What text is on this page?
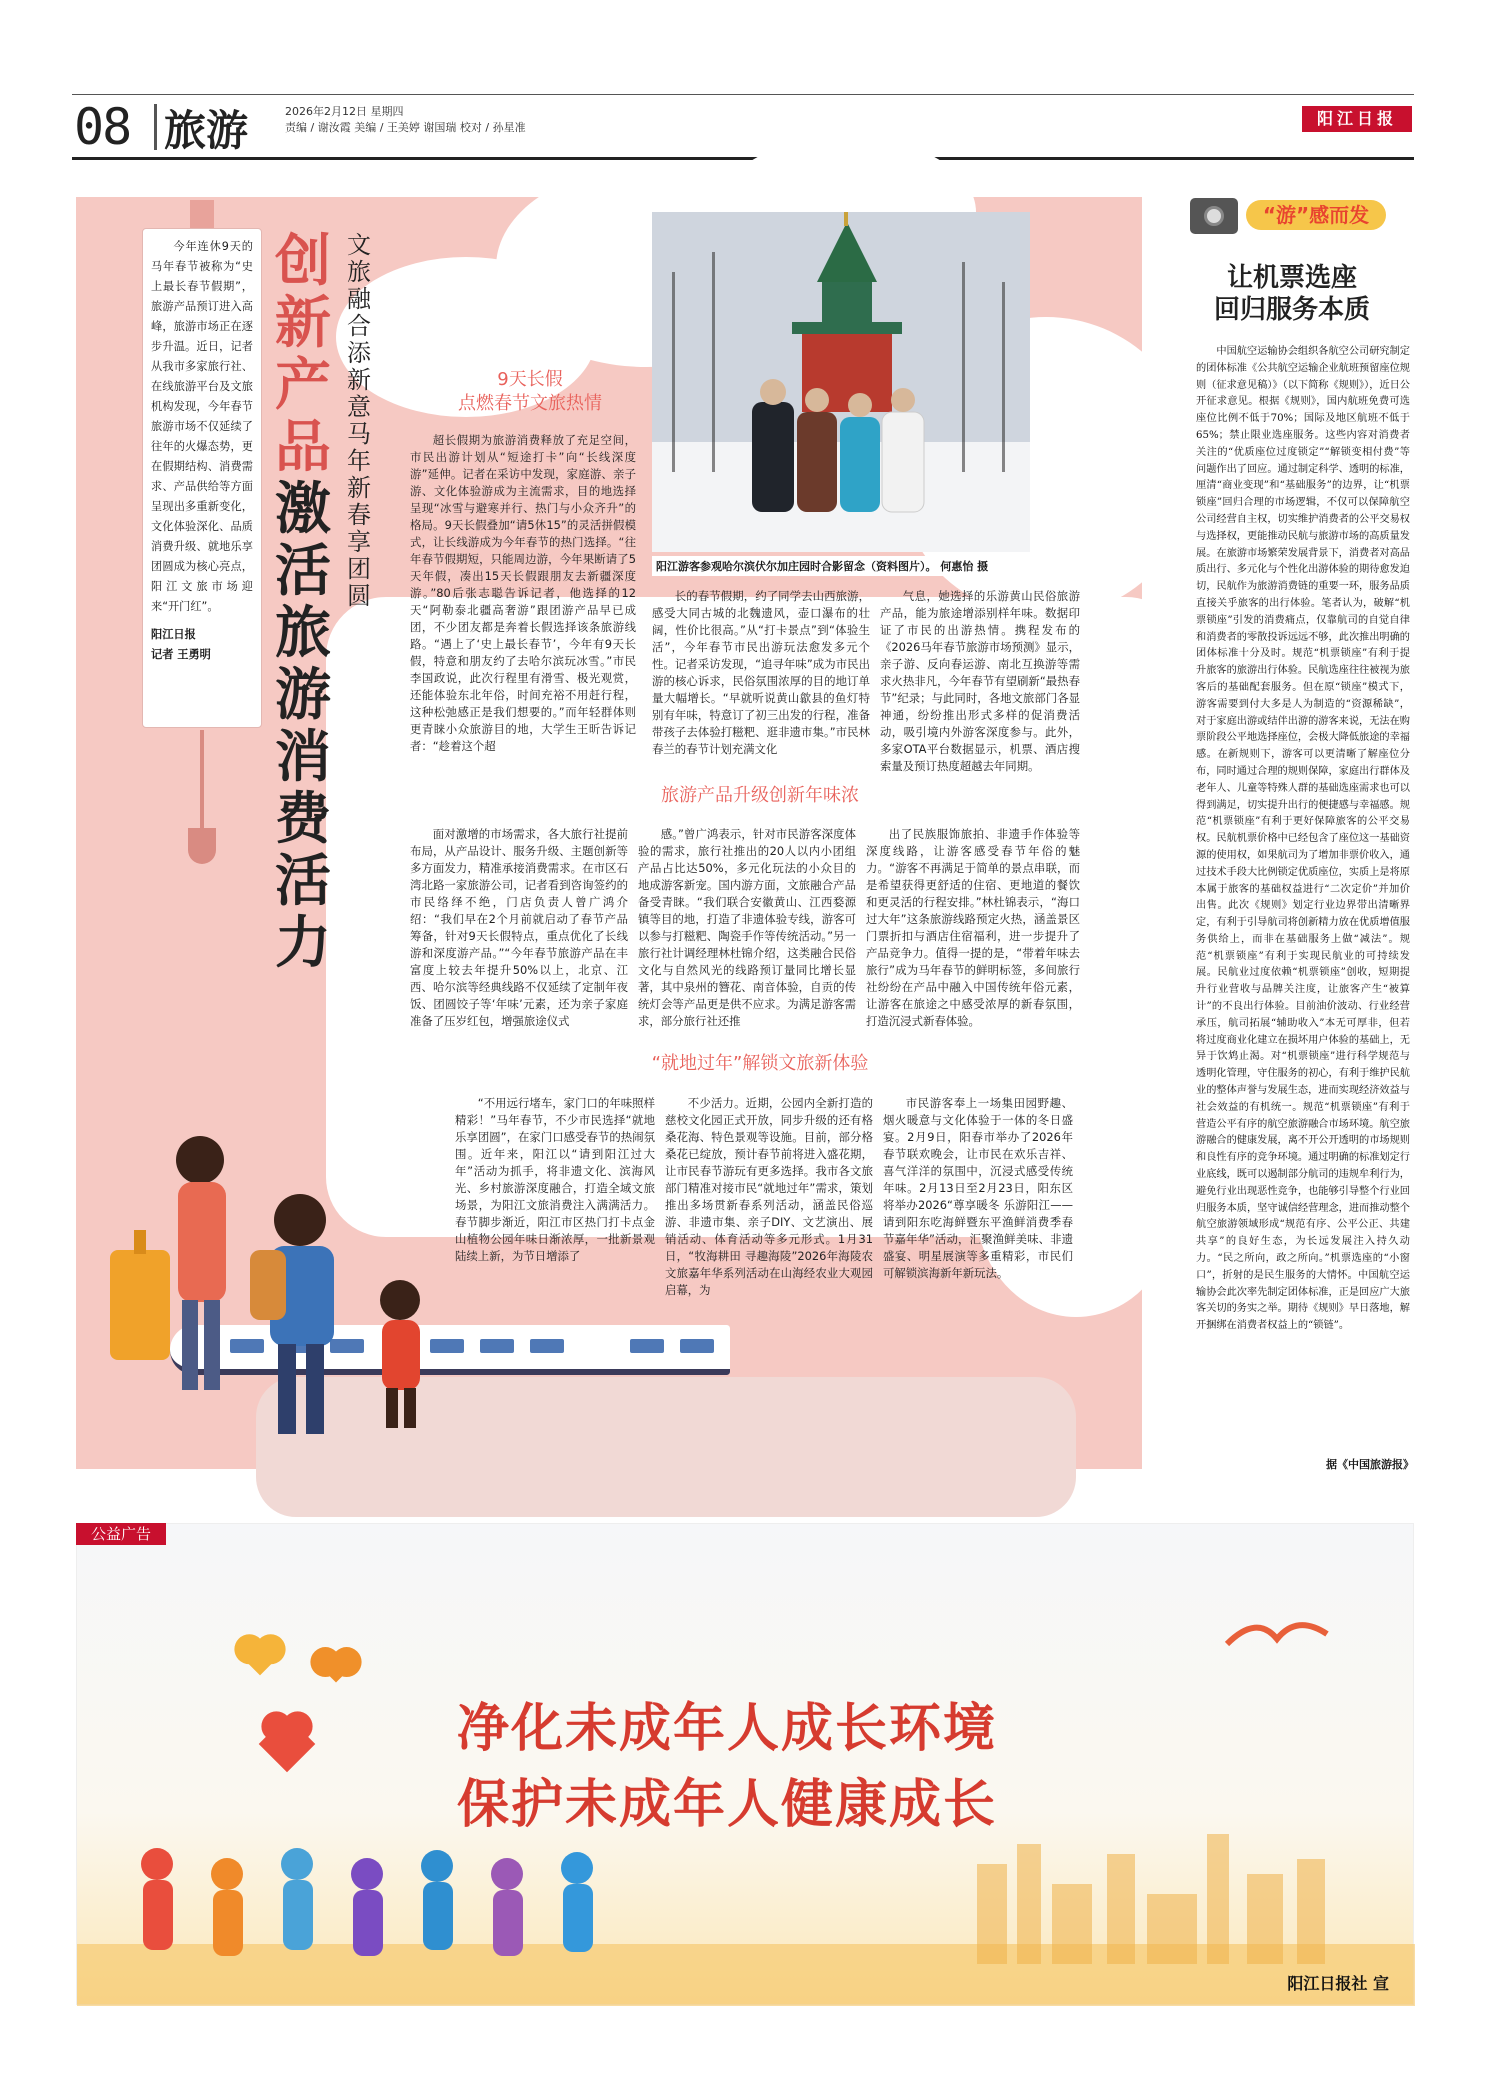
08 旅游	2026年2月12日 星期四
责编 / 谢汝霞 美编 / 王美婷 谢国瑞 校对 / 孙星准	阳江日报
今年连休9天的马年春节被称为“史上最长春节假期”，旅游产品预订进入高峰，旅游市场正在逐步升温。近日，记者从我市多家旅行社、在线旅游平台及文旅机构发现，今年春节旅游市场不仅延续了往年的火爆态势，更在假期结构、消费需求、产品供给等方面呈现出多重新变化，文化体验深化、品质消费升级、就地乐享团圆成为核心亮点，阳江文旅市场迎来“开门红”。
阳江日报
记者 王勇明
创新产品
激活旅游消费活力
文旅融合添新意 马年新春享团圆
阳江游客参观哈尔滨伏尔加庄园时合影留念（资料图片）。 何惠怡 摄
9天长假
点燃春节文旅热情
超长假期为旅游消费释放了充足空间，市民出游计划从“短途打卡”向“长线深度游”延伸。记者在采访中发现，家庭游、亲子游、文化体验游成为主流需求，目的地选择呈现“冰雪与避寒并行、热门与小众齐升”的格局。9天长假叠加“请5休15”的灵活拼假模式，让长线游成为今年春节的热门选择。“往年春节假期短，只能周边游，今年果断请了5天年假，凑出15天长假跟朋友去新疆深度游。”80后张志聪告诉记者，他选择的12天“阿勒泰北疆高奢游”跟团游产品早已成团，不少团友都是奔着长假选择该条旅游线路。“遇上了‘史上最长春节’，今年有9天长假，特意和朋友约了去哈尔滨玩冰雪。”市民李国政说，此次行程里有滑雪、极光观赏，还能体验东北年俗，时间充裕不用赶行程，这种松弛感正是我们想要的。”而年轻群体则更青睐小众旅游目的地，大学生王昕告诉记者：“趁着这个超
长的春节假期，约了同学去山西旅游，感受大同古城的北魏遗风，壶口瀑布的壮阔，性价比很高。”从“打卡景点”到“体验生活”，今年春节市民出游玩法愈发多元个性。记者采访发现，“追寻年味”成为市民出游的核心诉求，民俗氛围浓厚的目的地订单量大幅增长。“早就听说黄山歙县的鱼灯特别有年味，特意订了初三出发的行程，准备带孩子去体验打糍粑、逛非遗市集。”市民林春兰的春节计划充满文化
气息，她选择的乐游黄山民俗旅游产品，能为旅途增添别样年味。数据印证了市民的出游热情。携程发布的《2026马年春节旅游市场预测》显示，亲子游、反向春运游、南北互换游等需求火热非凡，今年春节有望刷新“最热春节”纪录；与此同时，各地文旅部门各显神通，纷纷推出形式多样的促消费活动，吸引境内外游客深度参与。此外，多家OTA平台数据显示，机票、酒店搜索量及预订热度超越去年同期。
旅游产品升级创新年味浓
面对激增的市场需求，各大旅行社提前布局，从产品设计、服务升级、主题创新等多方面发力，精准承接消费需求。在市区石湾北路一家旅游公司，记者看到咨询签约的市民络绎不绝，门店负责人曾广鸿介绍：“我们早在2个月前就启动了春节产品筹备，针对9天长假特点，重点优化了长线游和深度游产品。”“今年春节旅游产品在丰富度上较去年提升50%以上，北京、江西、哈尔滨等经典线路不仅延续了定制年夜饭、团圆饺子等‘年味’元素，还为亲子家庭准备了压岁红包，增强旅途仪式
感。”曾广鸿表示，针对市民游客深度体验的需求，旅行社推出的20人以内小团组产品占比达50%，多元化玩法的小众目的地成游客新宠。国内游方面，文旅融合产品备受青睐。“我们联合安徽黄山、江西婺源镇等目的地，打造了非遗体验专线，游客可以参与打糍粑、陶瓷手作等传统活动。”另一旅行社计调经理林杜锦介绍，这类融合民俗文化与自然风光的线路预订量同比增长显著，其中泉州的簪花、南音体验，自贡的传统灯会等产品更是供不应求。为满足游客需求，部分旅行社还推
出了民族服饰旅拍、非遗手作体验等深度线路，让游客感受春节年俗的魅力。“游客不再满足于简单的景点串联，而是希望获得更舒适的住宿、更地道的餐饮和更灵活的行程安排。”林杜锦表示，“海口过大年”这条旅游线路预定火热，涵盖景区门票折扣与酒店住宿福利，进一步提升了产品竞争力。值得一提的是，“带着年味去旅行”成为马年春节的鲜明标签，多间旅行社纷纷在产品中融入中国传统年俗元素，让游客在旅途之中感受浓厚的新春氛围，打造沉浸式新春体验。
“就地过年”解锁文旅新体验
“不用远行堵车，家门口的年味照样精彩！”马年春节，不少市民选择“就地乐享团圆”，在家门口感受春节的热闹氛围。近年来，阳江以“请到阳江过大年”活动为抓手，将非遗文化、滨海风光、乡村旅游深度融合，打造全域文旅场景，为阳江文旅消费注入满满活力。春节脚步渐近，阳江市区热门打卡点金山植物公园年味日渐浓厚，一批新景观陆续上新，为节日增添了
不少活力。近期，公园内全新打造的慈校文化园正式开放，同步升级的还有格桑花海、特色景观等设施。目前，部分格桑花已绽放，预计春节前将进入盛花期，让市民春节游玩有更多选择。我市各文旅部门精准对接市民“就地过年”需求，策划推出多场贯新春系列活动，涵盖民俗巡游、非遗市集、亲子DIY、文艺演出、展销活动、体育活动等多元形式。1月31日，“牧海耕田 寻趣海陵”2026年海陵农文旅嘉年华系列活动在山海经农业大观园启幕，为
市民游客奉上一场集田园野趣、烟火暖意与文化体验于一体的冬日盛宴。2月9日，阳春市举办了2026年春节联欢晚会，让市民在欢乐吉祥、喜气洋洋的氛围中，沉浸式感受传统年味。2月13日至2月23日，阳东区将举办2026“尊享暖冬 乐游阳江——请到阳东吃海鲜暨东平渔鲜消费季春节嘉年华”活动，汇聚渔鲜美味、非遗盛宴、明星展演等多重精彩，市民们可解锁滨海新年新玩法。
“游”感而发
让机票选座
回归服务本质
中国航空运输协会组织各航空公司研究制定的团体标准《公共航空运输企业航班预留座位规则（征求意见稿）》（以下简称《规则》），近日公开征求意见。根据《规则》，国内航班免费可选座位比例不低于70%；国际及地区航班不低于65%；禁止限业选座服务。这些内容对消费者关注的“优质座位过度锁定”“解锁变相付费”等问题作出了回应。通过制定科学、透明的标准，厘清“商业变现”和“基础服务”的边界，让“机票锁座”回归合理的市场逻辑，不仅可以保障航空公司经营自主权，切实维护消费者的公平交易权与选择权，更能推动民航与旅游市场的高质量发展。在旅游市场繁荣发展背景下，消费者对高品质出行、多元化与个性化出游体验的期待愈发迫切，民航作为旅游消费链的重要一环，服务品质直接关乎旅客的出行体验。笔者认为，破解“机票锁座”引发的消费痛点，仅靠航司的自觉自律和消费者的零散投诉远远不够，此次推出明确的团体标准十分及时。规范“机票锁座”有利于提升旅客的旅游出行体验。民航选座往往被视为旅客后的基础配套服务。但在原“锁座”模式下，游客需要到付大多是人为制造的“资源稀缺”，对于家庭出游或结伴出游的游客来说，无法在购票阶段公平地选择座位，会极大降低旅途的幸福感。在新规则下，游客可以更清晰了解座位分布，同时通过合理的规则保障，家庭出行群体及老年人、儿童等特殊人群的基础选座需求也可以得到满足，切实提升出行的便捷感与幸福感。规范“机票锁座”有利于更好保障旅客的公平交易权。民航机票价格中已经包含了座位这一基础资源的使用权，如果航司为了增加非票价收入，通过技术手段大比例锁定优质座位，实质上是将原本属于旅客的基础权益进行“二次定价”并加价出售。此次《规则》划定行业边界带出清晰界定，有利于引导航司将创新精力放在优质增值服务供给上，而非在基础服务上做“减法”。规范“机票锁座”有利于实现民航业的可持续发展。民航业过度依赖“机票锁座”创收，短期提升行业营收与品牌关注度，让旅客产生“被算计”的不良出行体验。目前油价波动、行业经营承压，航司拓展“辅助收入”本无可厚非，但若将过度商业化建立在损坏用户体验的基础上，无异于饮鸩止渴。对“机票锁座”进行科学规范与透明化管理，守住服务的初心，有利于维护民航业的整体声誉与发展生态，进而实现经济效益与社会效益的有机统一。规范“机票锁座”有利于营造公平有序的航空旅游融合市场环境。航空旅游融合的健康发展，离不开公开透明的市场规则和良性有序的竞争环境。通过明确的标准划定行业底线，既可以遏制部分航司的违规牟利行为，避免行业出现恶性竞争，也能够引导整个行业回归服务本质，坚守诚信经营理念，进而推动整个航空旅游领域形成“规范有序、公平公正、共建共享”的良好生态，为长远发展注入持久动力。“民之所向，政之所向。”机票选座的“小窗口”，折射的是民生服务的大情怀。中国航空运输协会此次率先制定团体标准，正是回应广大旅客关切的务实之举。期待《规则》早日落地，解开捆绑在消费者权益上的“锁链”。
据《中国旅游报》
净化未成年人成长环境
保护未成年人健康成长
阳江日报社 宣
公益广告
